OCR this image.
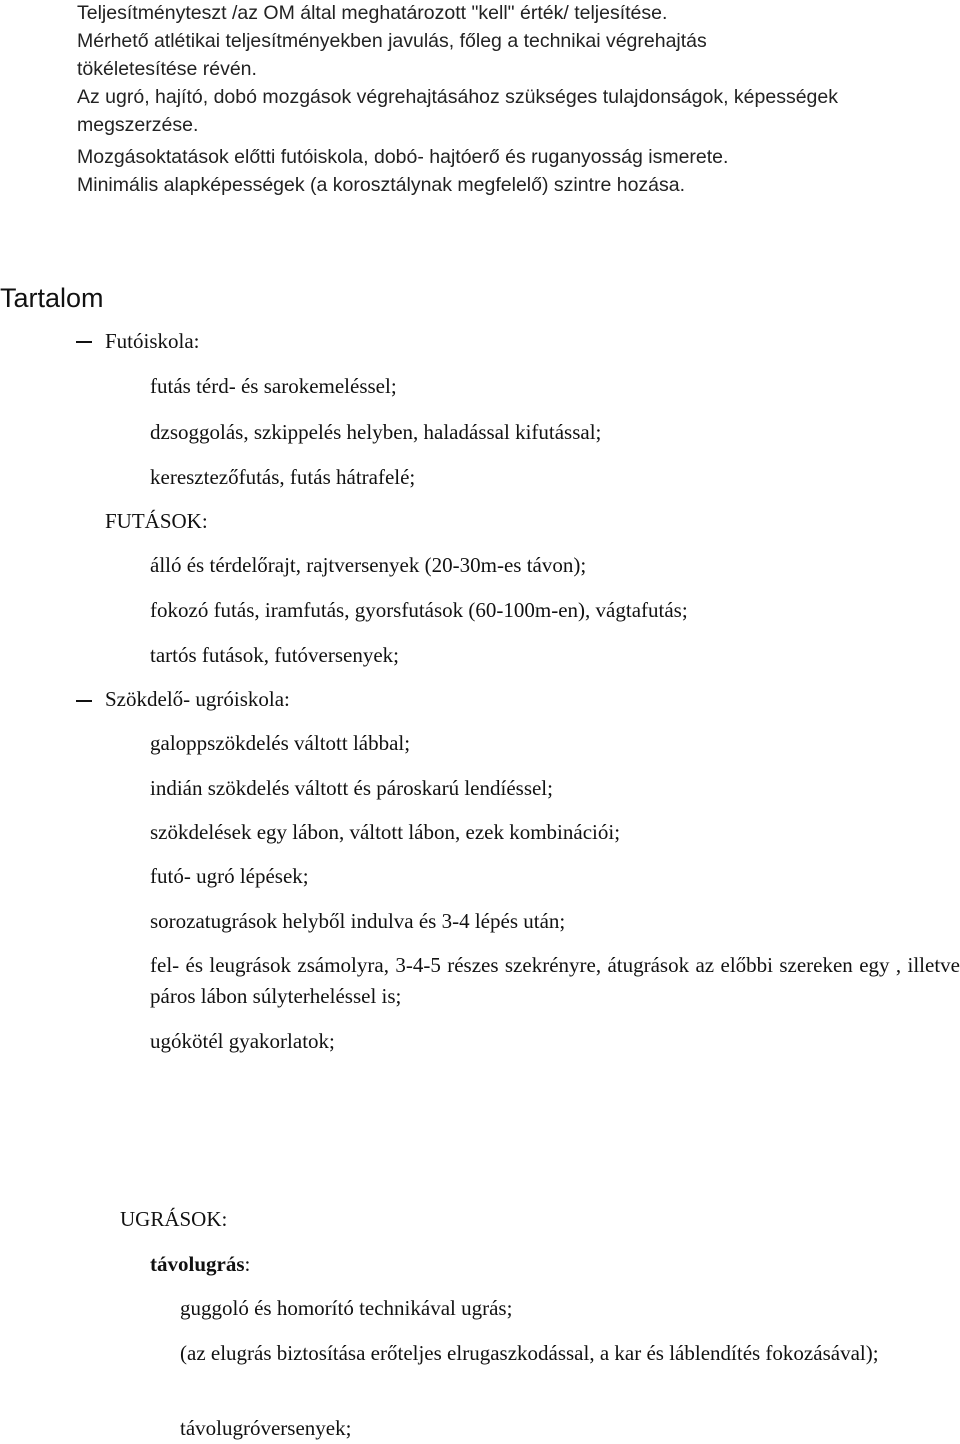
Teljesítményteszt /az OM által meghatározott "kell" érték/ teljesítése.
Mérhető atlétikai teljesítményekben javulás, főleg a technikai végrehajtás
tökéletesítése révén.
Az ugró, hajító, dobó mozgások végrehajtásához szükséges tulajdonságok, képességek
megszerzése.
Mozgásoktatások előtti futóiskola, dobó- hajtóerő és ruganyosság ismerete.
Minimális alapképességek (a korosztálynak megfelelő) szintre hozása.
Tartalom
Futóiskola:
futás térd- és sarokemeléssel;
dzsoggolás, szkippelés helyben, haladással kifutással;
keresztezőfutás, futás hátrafelé;
FUTÁSOK:
álló és térdelőrajt, rajtversenyek (20-30m-es távon);
fokozó futás, iramfutás, gyorsfutások (60-100m-en), vágtafutás;
tartós futások, futóversenyek;
Szökdelő- ugróiskola:
galoppszökdelés váltott lábbal;
indián szökdelés váltott és pároskarú lendíéssel;
szökdelések egy lábon, váltott lábon, ezek kombinációi;
futó- ugró lépések;
sorozatugrások helyből indulva és 3-4 lépés után;
fel- és leugrások zsámolyra, 3-4-5 részes szekrényre, átugrások az előbbi szereken egy , illetve páros lábon súlyterheléssel is;
ugókötél gyakorlatok;
UGRÁSOK:
távolugrás:
guggoló és homorító technikával ugrás;
(az elugrás biztosítása erőteljes elrugaszkodással, a kar és láblendítés fokozásával);
távolugróversenyek;
